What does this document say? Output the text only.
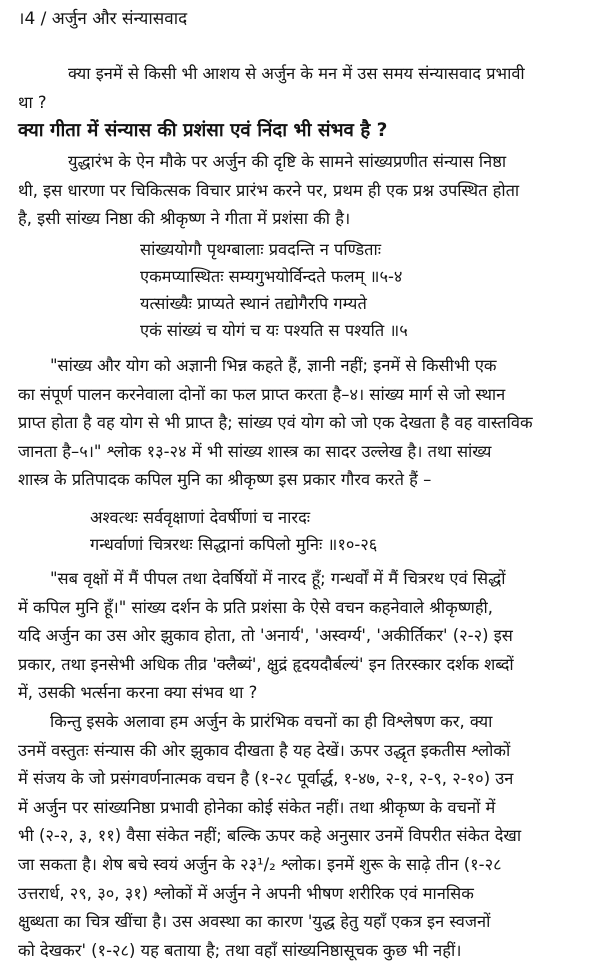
।4 / अर्जुन और संन्यासवाद
क्या इनमें से किसी भी आशय से अर्जुन के मन में उस समय संन्यासवाद प्रभावी
था ?
क्या गीता में संन्यास की प्रशंसा एवं निंदा भी संभव है ?
युद्धारंभ के ऐन मौके पर अर्जुन की दृष्टि के सामने सांख्यप्रणीत संन्यास निष्ठा
थी, इस धारणा पर चिकित्सक विचार प्रारंभ करने पर, प्रथम ही एक प्रश्न उपस्थित होता
है, इसी सांख्य निष्ठा की श्रीकृष्ण ने गीता में प्रशंसा की है।
सांख्ययोगौ पृथग्बालाः प्रवदन्ति न पण्डिताः
एकमप्यास्थितः सम्यगुभयोर्विन्दते फलम् ॥५-४
यत्सांख्यैः प्राप्यते स्थानं तद्योगैरपि गम्यते
एकं सांख्यं च योगं च यः पश्यति स पश्यति ॥५
"सांख्य और योग को अज्ञानी भिन्न कहते हैं, ज्ञानी नहीं; इनमें से किसीभी एक
का संपूर्ण पालन करनेवाला दोनों का फल प्राप्त करता है–४। सांख्य मार्ग से जो स्थान
प्राप्त होता है वह योग से भी प्राप्त है; सांख्य एवं योग को जो एक देखता है वह वास्तविक
जानता है–५।" श्लोक १३-२४ में भी सांख्य शास्त्र का सादर उल्लेख है। तथा सांख्य
शास्त्र के प्रतिपादक कपिल मुनि का श्रीकृष्ण इस प्रकार गौरव करते हैं –
अश्वत्थः सर्ववृक्षाणां देवर्षीणां च नारदः
गन्धर्वाणां चित्ररथः सिद्धानां कपिलो मुनिः ॥१०-२६
"सब वृक्षों में मैं पीपल तथा देवर्षियों में नारद हूँ; गन्धर्वों में मैं चित्ररथ एवं सिद्धों
में कपिल मुनि हूँ।" सांख्य दर्शन के प्रति प्रशंसा के ऐसे वचन कहनेवाले श्रीकृष्णही,
यदि अर्जुन का उस ओर झुकाव होता, तो 'अनार्य', 'अस्वर्ग्य', 'अकीर्तिकर' (२-२) इस
प्रकार, तथा इनसेभी अधिक तीव्र 'क्लैब्यं', क्षुद्रं हृदयदौर्बल्यं' इन तिरस्कार दर्शक शब्दों
में, उसकी भर्त्सना करना क्या संभव था ?
किन्तु इसके अलावा हम अर्जुन के प्रारंभिक वचनों का ही विश्लेषण कर, क्या
उनमें वस्तुतः संन्यास की ओर झुकाव दीखता है यह देखें। ऊपर उद्धृत इकतीस श्लोकों
में संजय के जो प्रसंगवर्णनात्मक वचन है (१-२८ पूर्वार्द्ध, १-४७, २-१, २-९, २-१०) उन
में अर्जुन पर सांख्यनिष्ठा प्रभावी होनेका कोई संकेत नहीं। तथा श्रीकृष्ण के वचनों में
भी (२-२, ३, ११) वैसा संकेत नहीं; बल्कि ऊपर कहे अनुसार उनमें विपरीत संकेत देखा
जा सकता है। शेष बचे स्वयं अर्जुन के २३¹/₂ श्लोक। इनमें शुरू के साढ़े तीन (१-२८
उत्तरार्ध, २९, ३०, ३१) श्लोकों में अर्जुन ने अपनी भीषण शरीरिक एवं मानसिक
क्षुब्धता का चित्र खींचा है। उस अवस्था का कारण 'युद्ध हेतु यहाँ एकत्र इन स्वजनों
को देखकर' (१-२८) यह बताया है; तथा वहाँ सांख्यनिष्ठासूचक कुछ भी नहीं।
